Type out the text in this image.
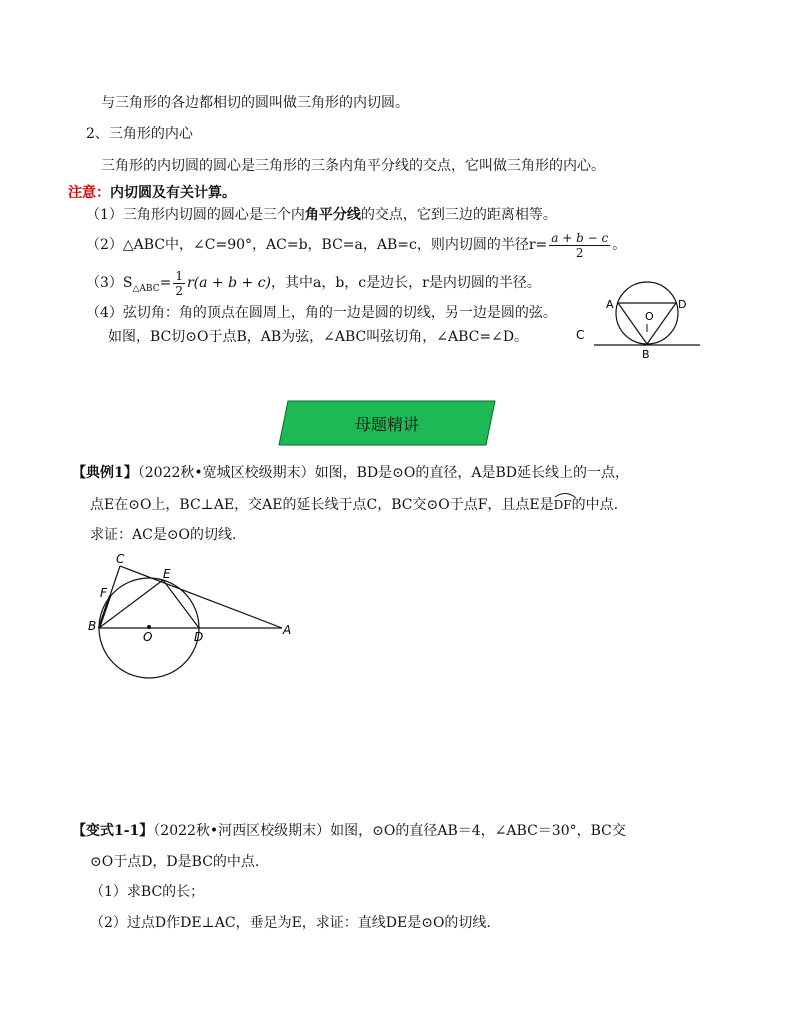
与三角形的各边都相切的圆叫做三角形的内切圆。
2、三角形的内心
三角形的内切圆的圆心是三角形的三条内角平分线的交点，它叫做三角形的内心。
注意：内切圆及有关计算。
（1）三角形内切圆的圆心是三个内角平分线的交点，它到三边的距离相等。
（2）△ABC中，∠C=90°，AC=b，BC=a，AB=c，则内切圆的半径$r= \frac{a + b - c}{2}$ 。
$(3)S_{\triangle ABC}= \frac{1}{2} r(a + b + c)$，其中a，b，c是边长，r是内切圆的半径。
（4）弦切角：角的顶点在圆周上，角的一边是圆的切线，另一边是圆的弦。
如图，BC切⊙O于点B，AB为弦，∠ABC叫弦切角，∠ABC=∠D。
A	D
O
C
B
母题精讲
【典例1】（2022秋•宽城区校级期末）如图，BD是⊙O的直径，A是BD延长线上的一点，
点E在⊙O上，BC⊥AE，交AE的延长线于点C，BC交⊙O于点F，且点E是
DF的中点.
求证：AC是⊙O的切线.
C
E
F
B
O	D	A
【变式1-1】（2022秋•河西区校级期末）如图，⊙O的直径AB＝4，∠ABC＝30°，BC交
⊙O于点D，D是BC的中点.
（1）求BC的长；
（2）过点D作DE⊥AC，垂足为E，求证：直线DE是⊙O的切线.
